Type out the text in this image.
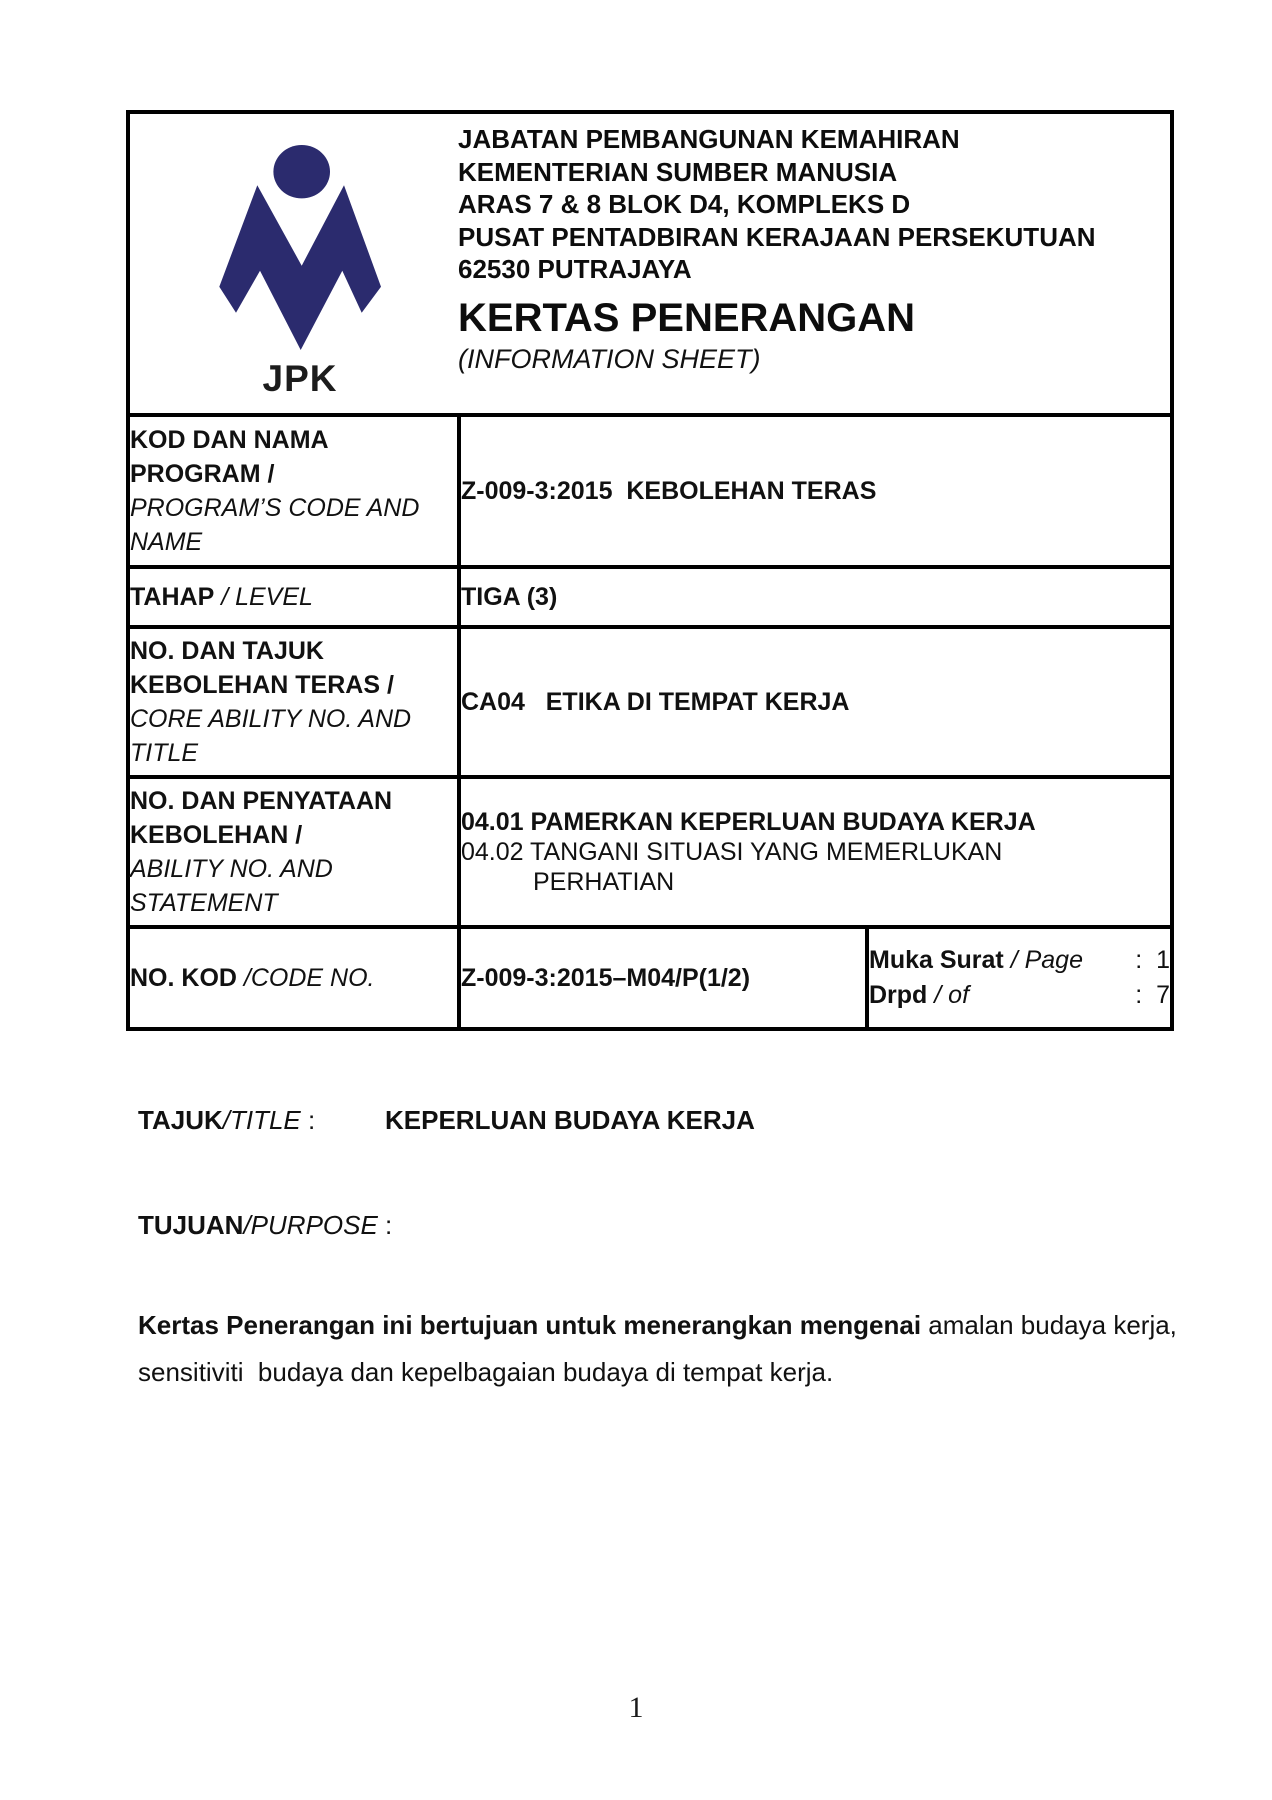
JPK
JABATAN PEMBANGUNAN KEMAHIRAN
KEMENTERIAN SUMBER MANUSIA
ARAS 7 & 8 BLOK D4, KOMPLEKS D
PUSAT PENTADBIRAN KERAJAAN PERSEKUTUAN
62530 PUTRAJAYA
KERTAS PENERANGAN
(INFORMATION SHEET)

KOD DAN NAMA PROGRAM /
PROGRAM’S CODE AND NAME	Z-009-3:2015  KEBOLEHAN TERAS	
TAHAP / LEVEL	TIGA (3)	
NO. DAN TAJUK KEBOLEHAN TERAS /
CORE ABILITY NO. AND TITLE	CA04   ETIKA DI TEMPAT KERJA	
NO. DAN PENYATAAN KEBOLEHAN /
ABILITY NO. AND STATEMENT
	04.01 PAMERKAN KEPERLUAN BUDAYA KERJA 04.02 TANGANI SITUASI YANG MEMERLUKAN PERHATIAN
NO. KOD /CODE NO.	Z-009-3:2015–M04/P(1/2)	Muka Surat / Page :  1
Drpd / of :  7
TAJUK/TITLE :	KEPERLUAN BUDAYA KERJA
TUJUAN/PURPOSE :
Kertas Penerangan ini bertujuan untuk menerangkan mengenai amalan budaya kerja,
sensitiviti  budaya dan kepelbagaian budaya di tempat kerja.
1
